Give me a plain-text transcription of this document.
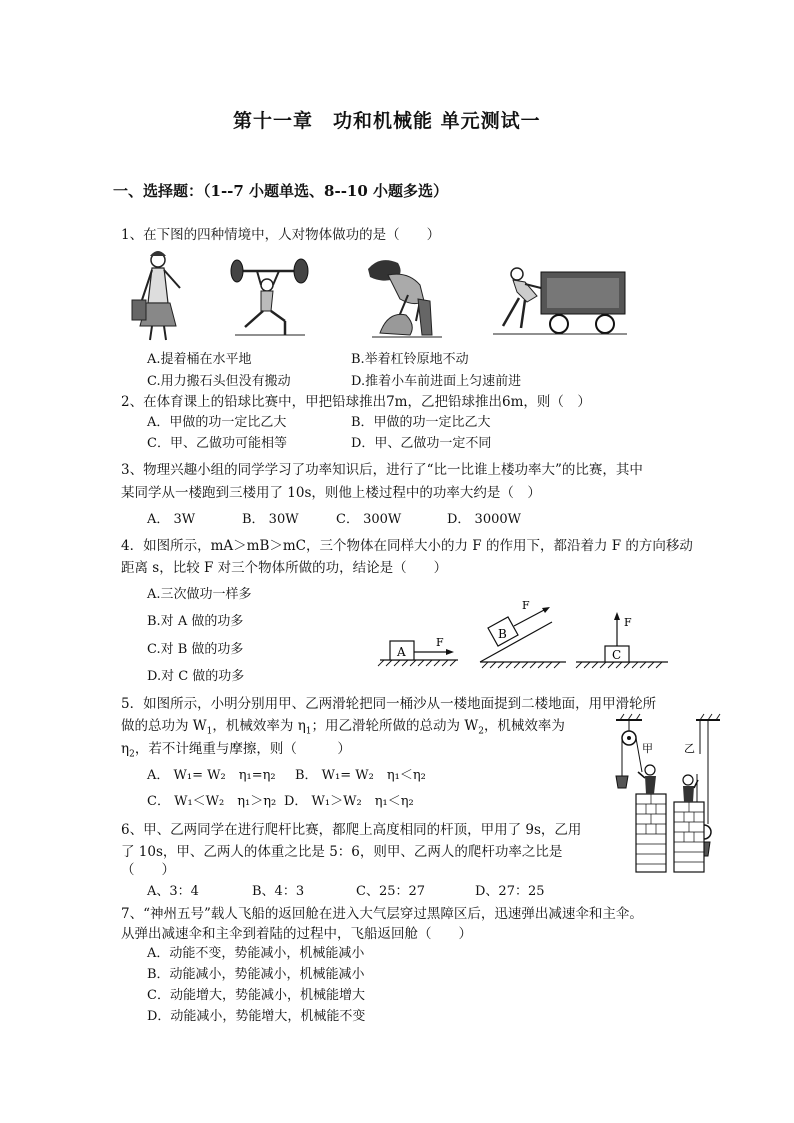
第十一章　功和机械能 单元测试一
一、选择题：（1--7 小题单选、8--10 小题多选）
1、在下图的四种情境中，人对物体做功的是（　　）
A.提着桶在水平地	B.举着杠铃原地不动
C.用力搬石头但没有搬动	D.推着小车前进面上匀速前进
2、在体育课上的铅球比赛中，甲把铅球推出7m，乙把铅球推出6m，则（　）
A．甲做的功一定比乙大	B．甲做的功一定比乙大
C．甲、乙做功可能相等	D．甲、乙做功一定不同
3、物理兴趣小组的同学学习了功率知识后，进行了“比一比谁上楼功率大”的比赛，其中
某同学从一楼跑到三楼用了 10s，则他上楼过程中的功率大约是（　）
A． 3W	B． 30W	C． 300W	D． 3000W
4．如图所示，mA＞mB＞mC，三个物体在同样大小的力 F 的作用下，都沿着力 F 的方向移动
距离 s，比较 F 对三个物体所做的功，结论是（　　）
A.三次做功一样多
B.对 A 做的功多
C.对 B 做的功多
D.对 C 做的功多
A
F
B
F
C
F
5．如图所示，小明分别用甲、乙两滑轮把同一桶沙从一楼地面提到二楼地面，用甲滑轮所
做的总功为 $W_1$，机械效率为 $\eta_1$；用乙滑轮所做的总动为 $W_2$，机械效率为
$\eta_2$，若不计绳重与摩擦，则（　　　）
A． W₁= W₂　η₁=η₂ B． W₁= W₂　η₁＜η₂
C． W₁＜W₂　η₁＞η₂ D． W₁＞W₂　η₁＜η₂
甲	乙
6、甲、乙两同学在进行爬杆比赛，都爬上高度相同的杆顶，甲用了 9s，乙用
了 10s，甲、乙两人的体重之比是 5：6，则甲、乙两人的爬杆功率之比是
（　　）
A、3：4	B、4：3	C、25：27	D、27：25
7、“神州五号”载人飞船的返回舱在进入大气层穿过黑障区后，迅速弹出减速伞和主伞。
从弹出减速伞和主伞到着陆的过程中，飞船返回舱（　　）
A．动能不变，势能减小，机械能减小
B．动能减小，势能减小，机械能减小
C．动能增大，势能减小，机械能增大
D．动能减小，势能增大，机械能不变
